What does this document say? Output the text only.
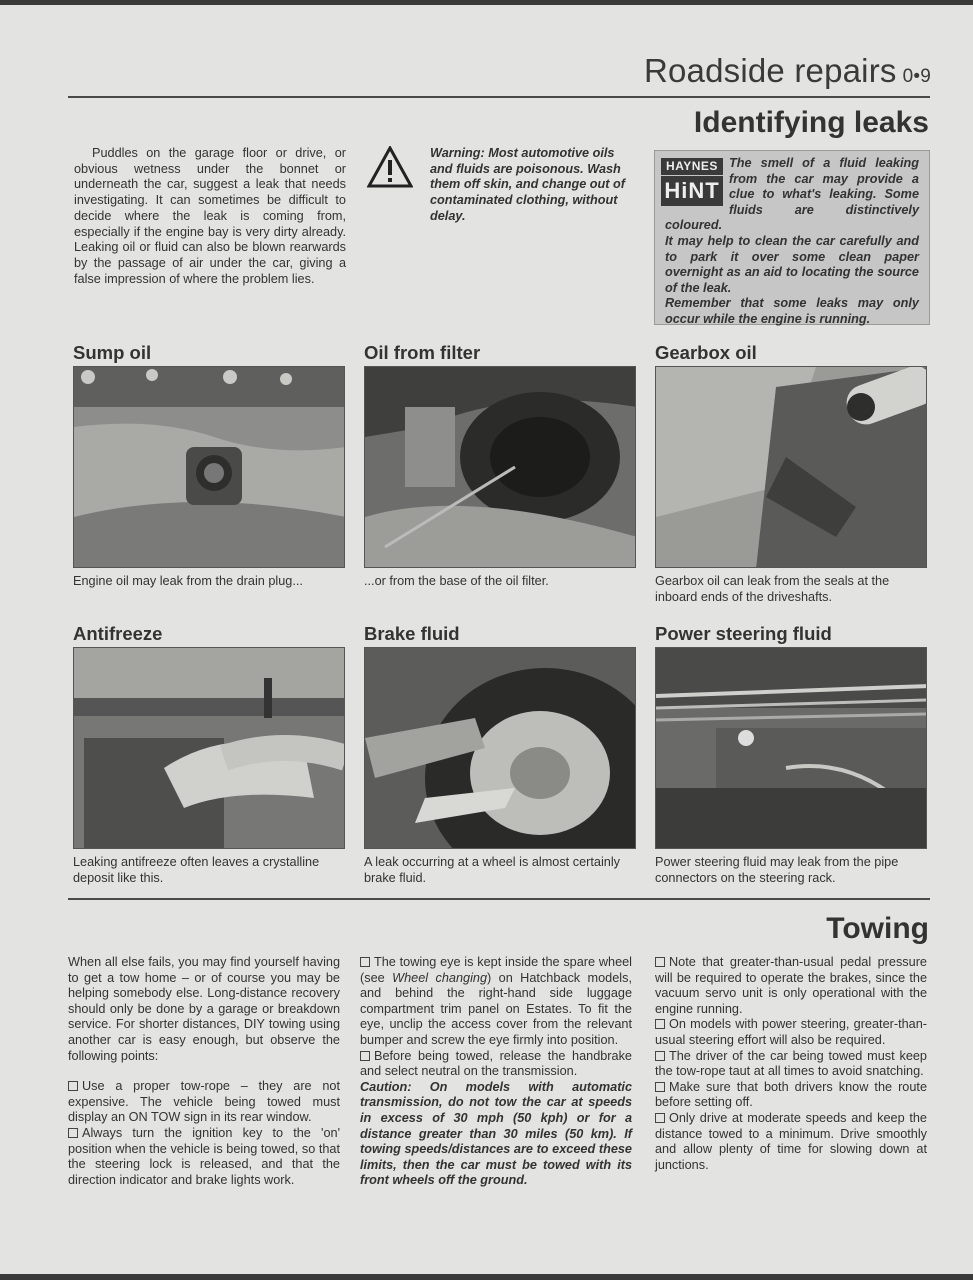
Roadside repairs 0•9
Identifying leaks

Puddles on the garage floor or drive, or obvious wetness under the bonnet or underneath the car, suggest a leak that needs investigating. It can sometimes be difficult to decide where the leak is coming from, especially if the engine bay is very dirty already. Leaking oil or fluid can also be blown rearwards by the passage of air under the car, giving a false impression of where the problem lies.

Warning: Most automotive oils and fluids are poisonous. Wash them off skin, and change out of contaminated clothing, without delay.

HAYNES
HiNT
The smell of a fluid leaking from the car may provide a clue to what's leaking. Some fluids are distinctively coloured.
It may help to clean the car carefully and to park it over some clean paper overnight as an aid to locating the source of the leak.
Remember that some leaks may only occur while the engine is running.
Sump oil

Engine oil may leak from the drain plug...

Oil from filter

...or from the base of the oil filter.

Gearbox oil

Gearbox oil can leak from the seals at the inboard ends of the driveshafts.

Antifreeze

Leaking antifreeze often leaves a crystalline deposit like this.

Brake fluid

A leak occurring at a wheel is almost certainly brake fluid.

Power steering fluid

Power steering fluid may leak from the pipe connectors on the steering rack.

Towing

When all else fails, you may find yourself having to get a tow home – or of course you may be helping somebody else. Long-distance recovery should only be done by a garage or breakdown service. For shorter distances, DIY towing using another car is easy enough, but observe the following points:

Use a proper tow-rope – they are not expensive. The vehicle being towed must display an ON TOW sign in its rear window.

Always turn the ignition key to the 'on' position when the vehicle is being towed, so that the steering lock is released, and that the direction indicator and brake lights work.

The towing eye is kept inside the spare wheel (see Wheel changing) on Hatchback models, and behind the right-hand side luggage compartment trim panel on Estates. To fit the eye, unclip the access cover from the relevant bumper and screw the eye firmly into position.

Before being towed, release the handbrake and select neutral on the transmission.

Caution: On models with automatic transmission, do not tow the car at speeds in excess of 30 mph (50 kph) or for a distance greater than 30 miles (50 km). If towing speeds/distances are to exceed these limits, then the car must be towed with its front wheels off the ground.

Note that greater-than-usual pedal pressure will be required to operate the brakes, since the vacuum servo unit is only operational with the engine running.

On models with power steering, greater-than-usual steering effort will also be required.

The driver of the car being towed must keep the tow-rope taut at all times to avoid snatching.

Make sure that both drivers know the route before setting off.

Only drive at moderate speeds and keep the distance towed to a minimum. Drive smoothly and allow plenty of time for slowing down at junctions.
